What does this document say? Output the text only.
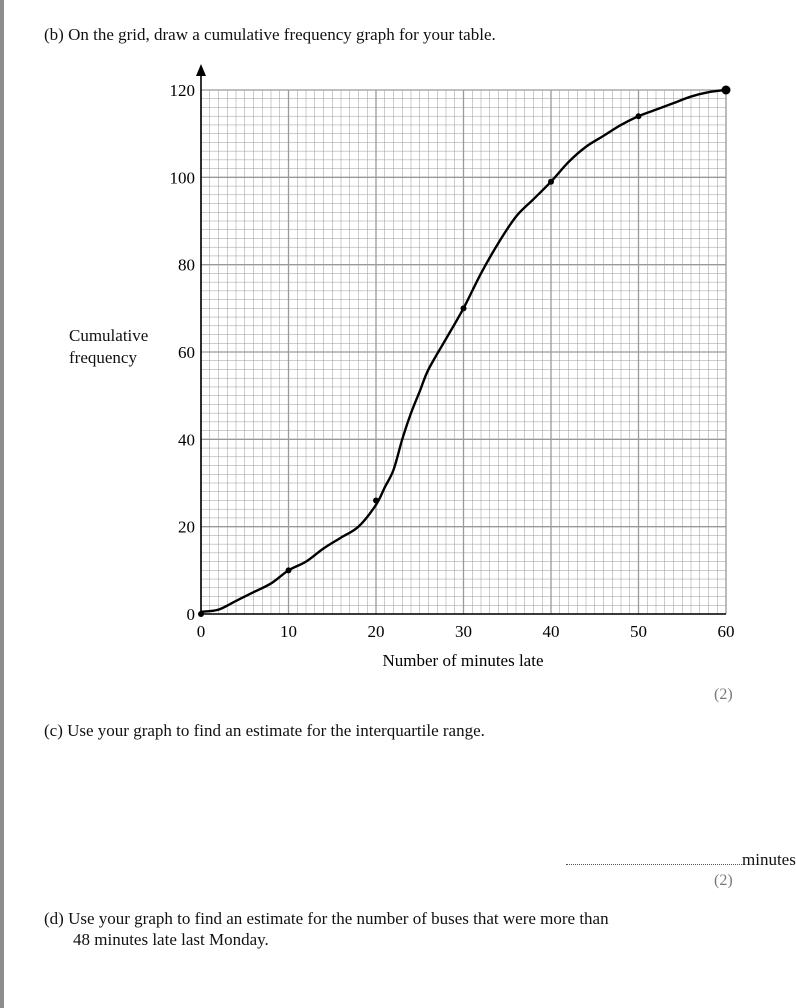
(b) On the grid, draw a cumulative frequency graph for your table.
Cumulative
frequency
0	10	20	30	40	50	60
0
20
40
60
80
100
120
Number of minutes late
(2)
(c) Use your graph to find an estimate for the interquartile range.
minutes
(2)
(d) Use your graph to find an estimate for the number of buses that were more than
48 minutes late last Monday.
